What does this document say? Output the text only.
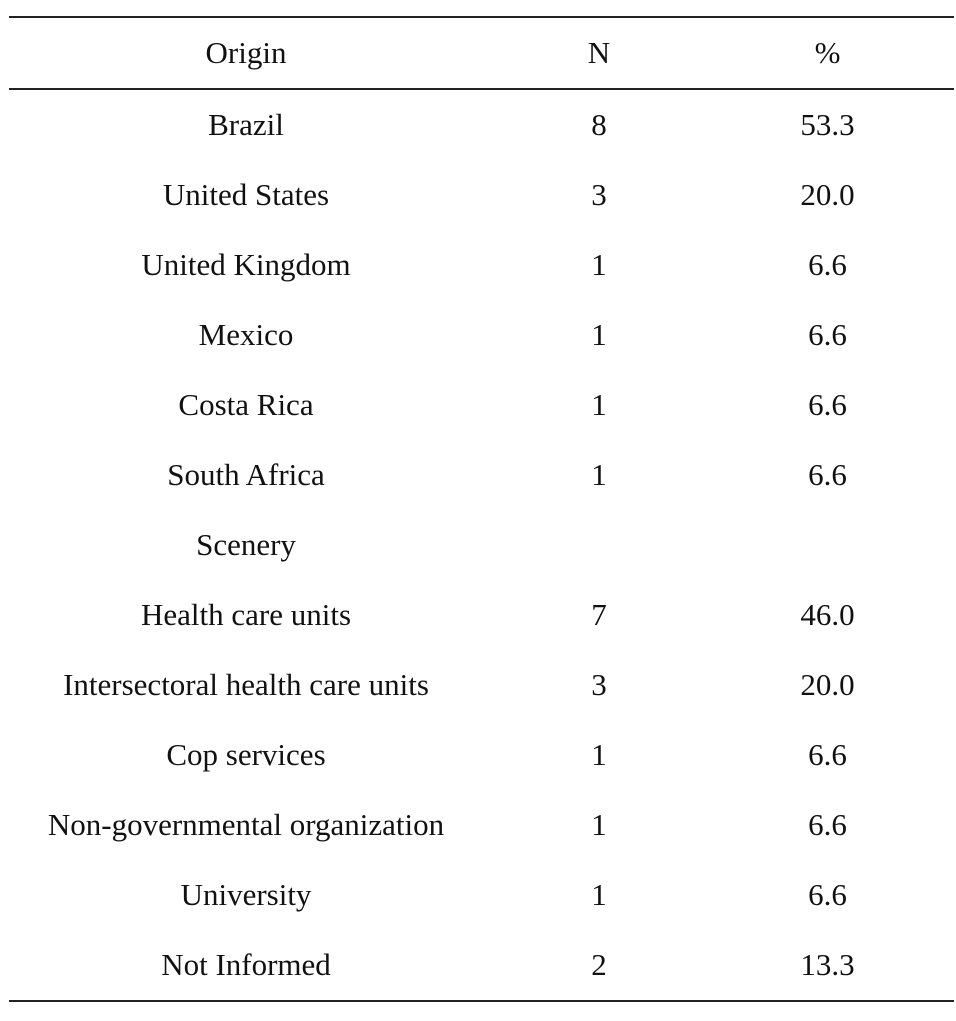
Origin	N	%
Brazil	8	53.3
United States	3	20.0
United Kingdom	1	6.6
Mexico	1	6.6
Costa Rica	1	6.6
South Africa	1	6.6
Scenery
Health care units	7	46.0
Intersectoral health care units	3	20.0
Cop services	1	6.6
Non-governmental organization	1	6.6
University	1	6.6
Not Informed	2	13.3
